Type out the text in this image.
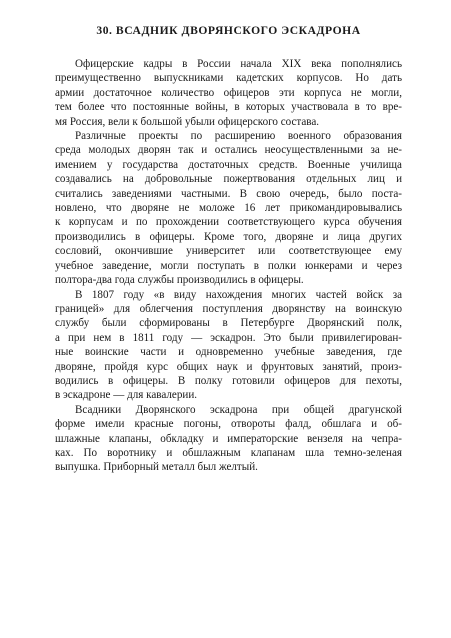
30. ВСАДНИК ДВОРЯНСКОГО ЭСКАДРОНА
Офицерские кадры в России начала XIX века пополнялись
преимущественно выпускниками кадетских корпусов. Но дать
армии достаточное количество офицеров эти корпуса не могли,
тем более что постоянные войны, в которых участвовала в то вре-
мя Россия, вели к большой убыли офицерского состава.
Различные проекты по расширению военного образования
среда молодых дворян так и остались неосуществленными за не-
имением у государства достаточных средств. Военные училища
создавались на добровольные пожертвования отдельных лиц и
считались заведениями частными. В свою очередь, было поста-
новлено, что дворяне не моложе 16 лет прикомандировывались
к корпусам и по прохождении соответствующего курса обучения
производились в офицеры. Кроме того, дворяне и лица других
сословий, окончившие университет или соответствующее ему
учебное заведение, могли поступать в полки юнкерами и через
полтора-два года службы производились в офицеры.
В 1807 году «в виду нахождения многих частей войск за
границей» для облегчения поступления дворянству на воинскую
службу были сформированы в Петербурге Дворянский полк,
а при нем в 1811 году — эскадрон. Это были привилегирован-
ные воинские части и одновременно учебные заведения, где
дворяне, пройдя курс общих наук и фрунтовых занятий, произ-
водились в офицеры. В полку готовили офицеров для пехоты,
в эскадроне — для кавалерии.
Всадники Дворянского эскадрона при общей драгунской
форме имели красные погоны, отвороты фалд, обшлага и об-
шлажные клапаны, обкладку и императорские вензеля на чепра-
ках. По воротнику и обшлажным клапанам шла темно-зеленая
выпушка. Приборный металл был желтый.
